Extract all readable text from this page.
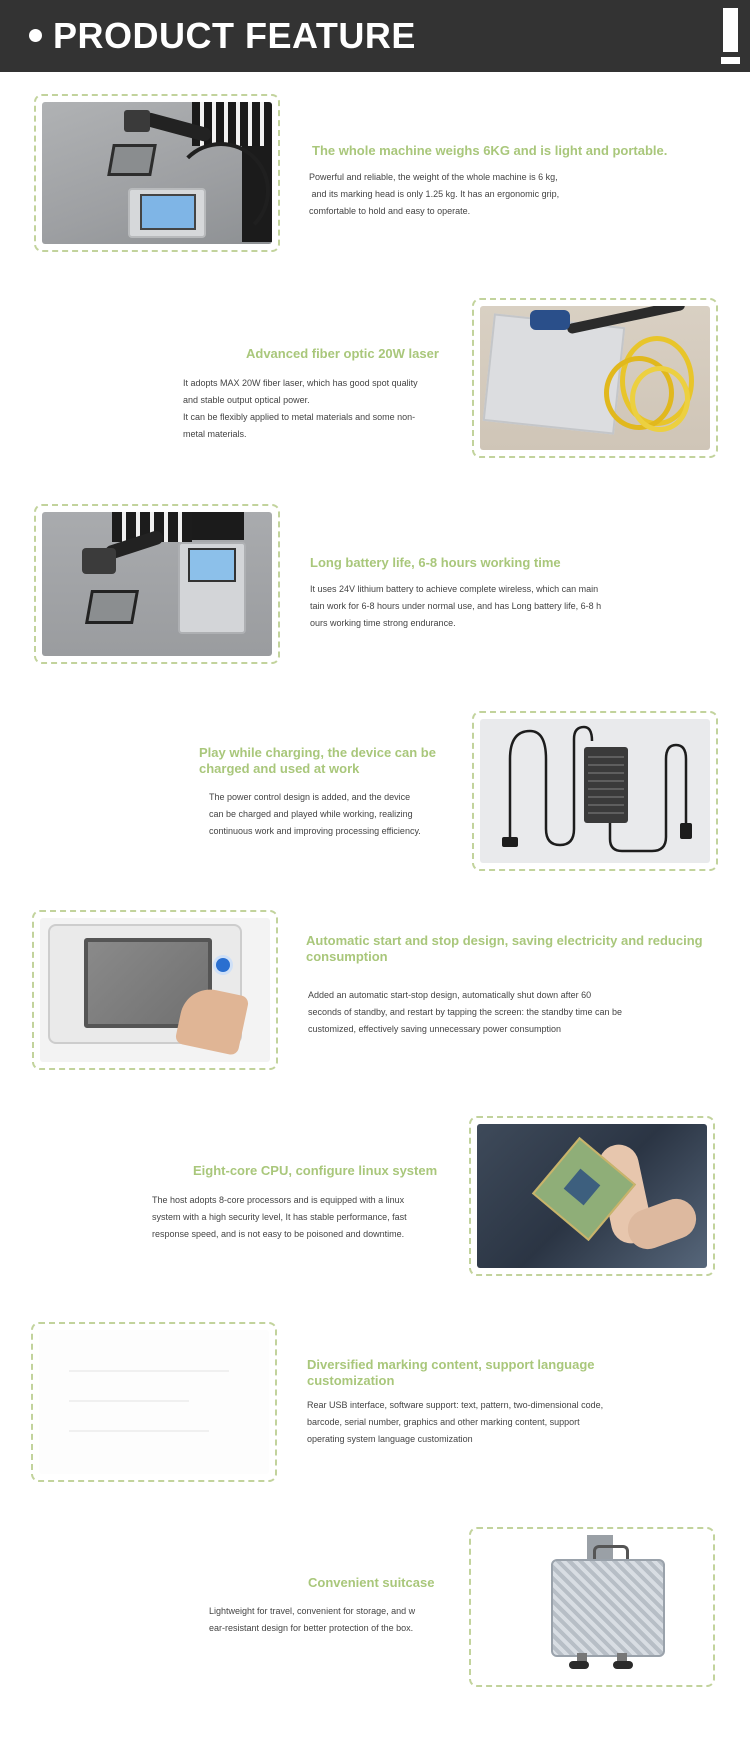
PRODUCT FEATURE
The whole machine weighs 6KG and is light and portable.

Powerful and reliable, the weight of the whole machine is 6 kg,

and its marking head is only 1.25 kg. It has an ergonomic grip,

comfortable to hold and easy to operate.

Advanced fiber optic 20W laser

It adopts MAX 20W fiber laser, which has good spot quality

and stable output optical power.

It can be flexibly applied to metal materials and some non-

metal materials.

Long battery life, 6-8 hours working time

It uses 24V lithium battery to achieve complete wireless, which can main

tain work for 6-8 hours under normal use, and has Long battery life, 6-8 h

ours working time strong endurance.

Play while charging, the device can be
charged and used at work

The power control design is added, and the device

can be charged and played while working, realizing

continuous work and improving processing efficiency.

Automatic start and stop design, saving electricity and reducing
consumption

Added an automatic start-stop design, automatically shut down after 60

seconds of standby, and restart by tapping the screen: the standby time can be

customized, effectively saving unnecessary power consumption

Eight-core CPU, configure linux system

The host adopts 8-core processors and is equipped with a linux

system with a high security level, It has stable performance, fast

response speed, and is not easy to be poisoned and downtime.

Diversified marking content, support language
customization

Rear USB interface, software support: text, pattern, two-dimensional code,

barcode, serial number, graphics and other marking content, support

operating system language customization

Convenient suitcase

Lightweight for travel, convenient for storage, and w

ear-resistant design for better protection of the box.
